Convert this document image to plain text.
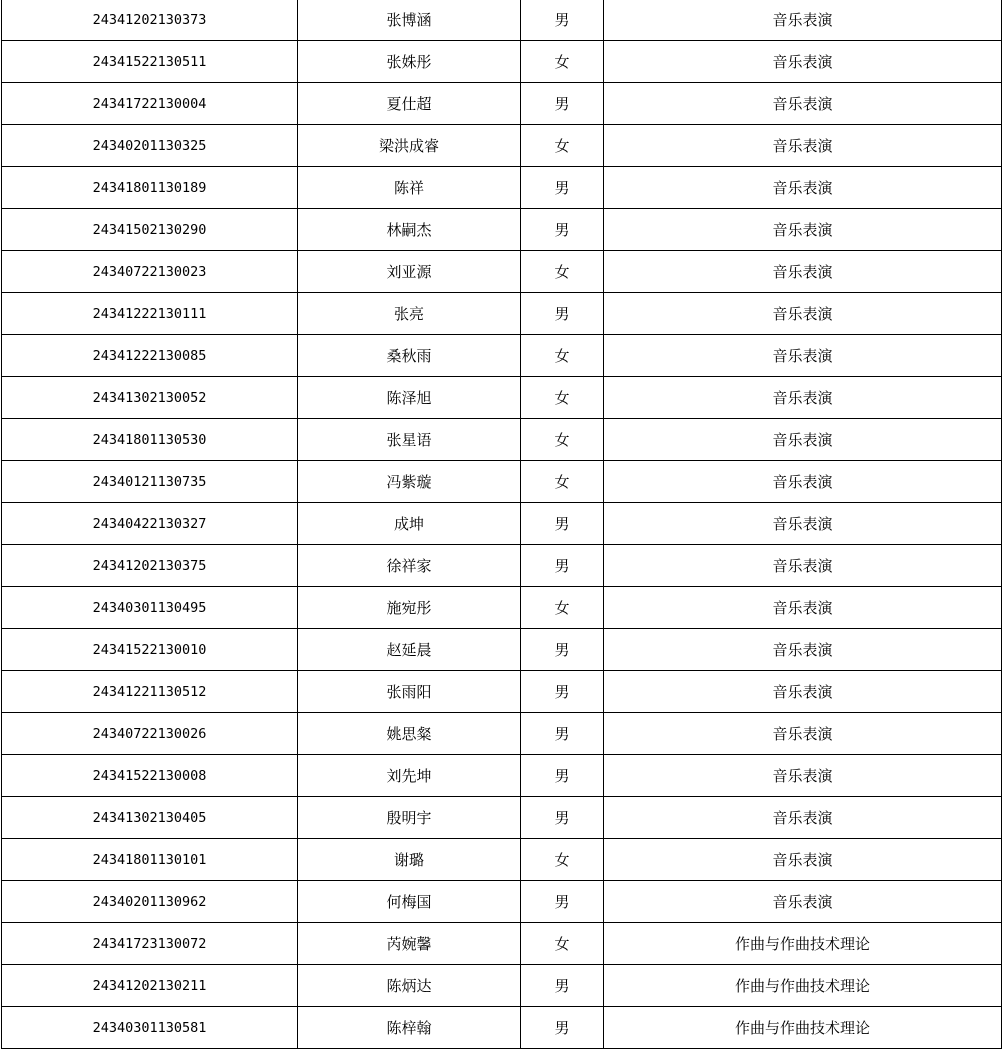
24341202130373	张博涵	男	音乐表演
24341522130511	张姝彤	女	音乐表演
24341722130004	夏仕超	男	音乐表演
24340201130325	梁洪成睿	女	音乐表演
24341801130189	陈祥	男	音乐表演
24341502130290	林嗣杰	男	音乐表演
24340722130023	刘亚源	女	音乐表演
24341222130111	张亮	男	音乐表演
24341222130085	桑秋雨	女	音乐表演
24341302130052	陈泽旭	女	音乐表演
24341801130530	张星语	女	音乐表演
24340121130735	冯紫璇	女	音乐表演
24340422130327	成坤	男	音乐表演
24341202130375	徐祥家	男	音乐表演
24340301130495	施宛彤	女	音乐表演
24341522130010	赵延晨	男	音乐表演
24341221130512	张雨阳	男	音乐表演
24340722130026	姚思粲	男	音乐表演
24341522130008	刘先坤	男	音乐表演
24341302130405	殷明宇	男	音乐表演
24341801130101	谢璐	女	音乐表演
24340201130962	何梅国	男	音乐表演
24341723130072	芮婉馨	女	作曲与作曲技术理论
24341202130211	陈炳达	男	作曲与作曲技术理论
24340301130581	陈梓翰	男	作曲与作曲技术理论
